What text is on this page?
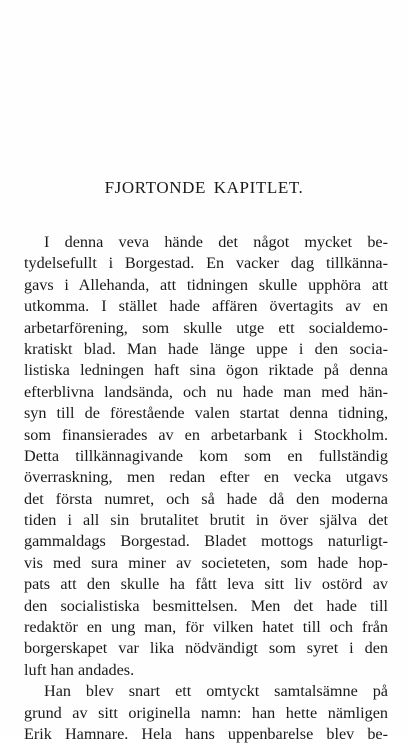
FJORTONDE KAPITLET.
I denna veva hände det något mycket be-
tydelsefullt i Borgestad. En vacker dag tillkänna-
gavs i Allehanda, att tidningen skulle upphöra att
utkomma. I stället hade affären övertagits av en
arbetarförening, som skulle utge ett socialdemo-
kratiskt blad. Man hade länge uppe i den socia-
listiska ledningen haft sina ögon riktade på denna
efterblivna landsända, och nu hade man med hän-
syn till de förestående valen startat denna tidning,
som finansierades av en arbetarbank i Stockholm.
Detta tillkännagivande kom som en fullständig
överraskning, men redan efter en vecka utgavs
det första numret, och så hade då den moderna
tiden i all sin brutalitet brutit in över själva det
gammaldags Borgestad. Bladet mottogs naturligt-
vis med sura miner av societeten, som hade hop-
pats att den skulle ha fått leva sitt liv ostörd av
den socialistiska besmittelsen. Men det hade till
redaktör en ung man, för vilken hatet till och från
borgerskapet var lika nödvändigt som syret i den
luft han andades.
Han blev snart ett omtyckt samtalsämne på
grund av sitt originella namn: han hette nämligen
Erik Hamnare. Hela hans uppenbarelse blev be-
